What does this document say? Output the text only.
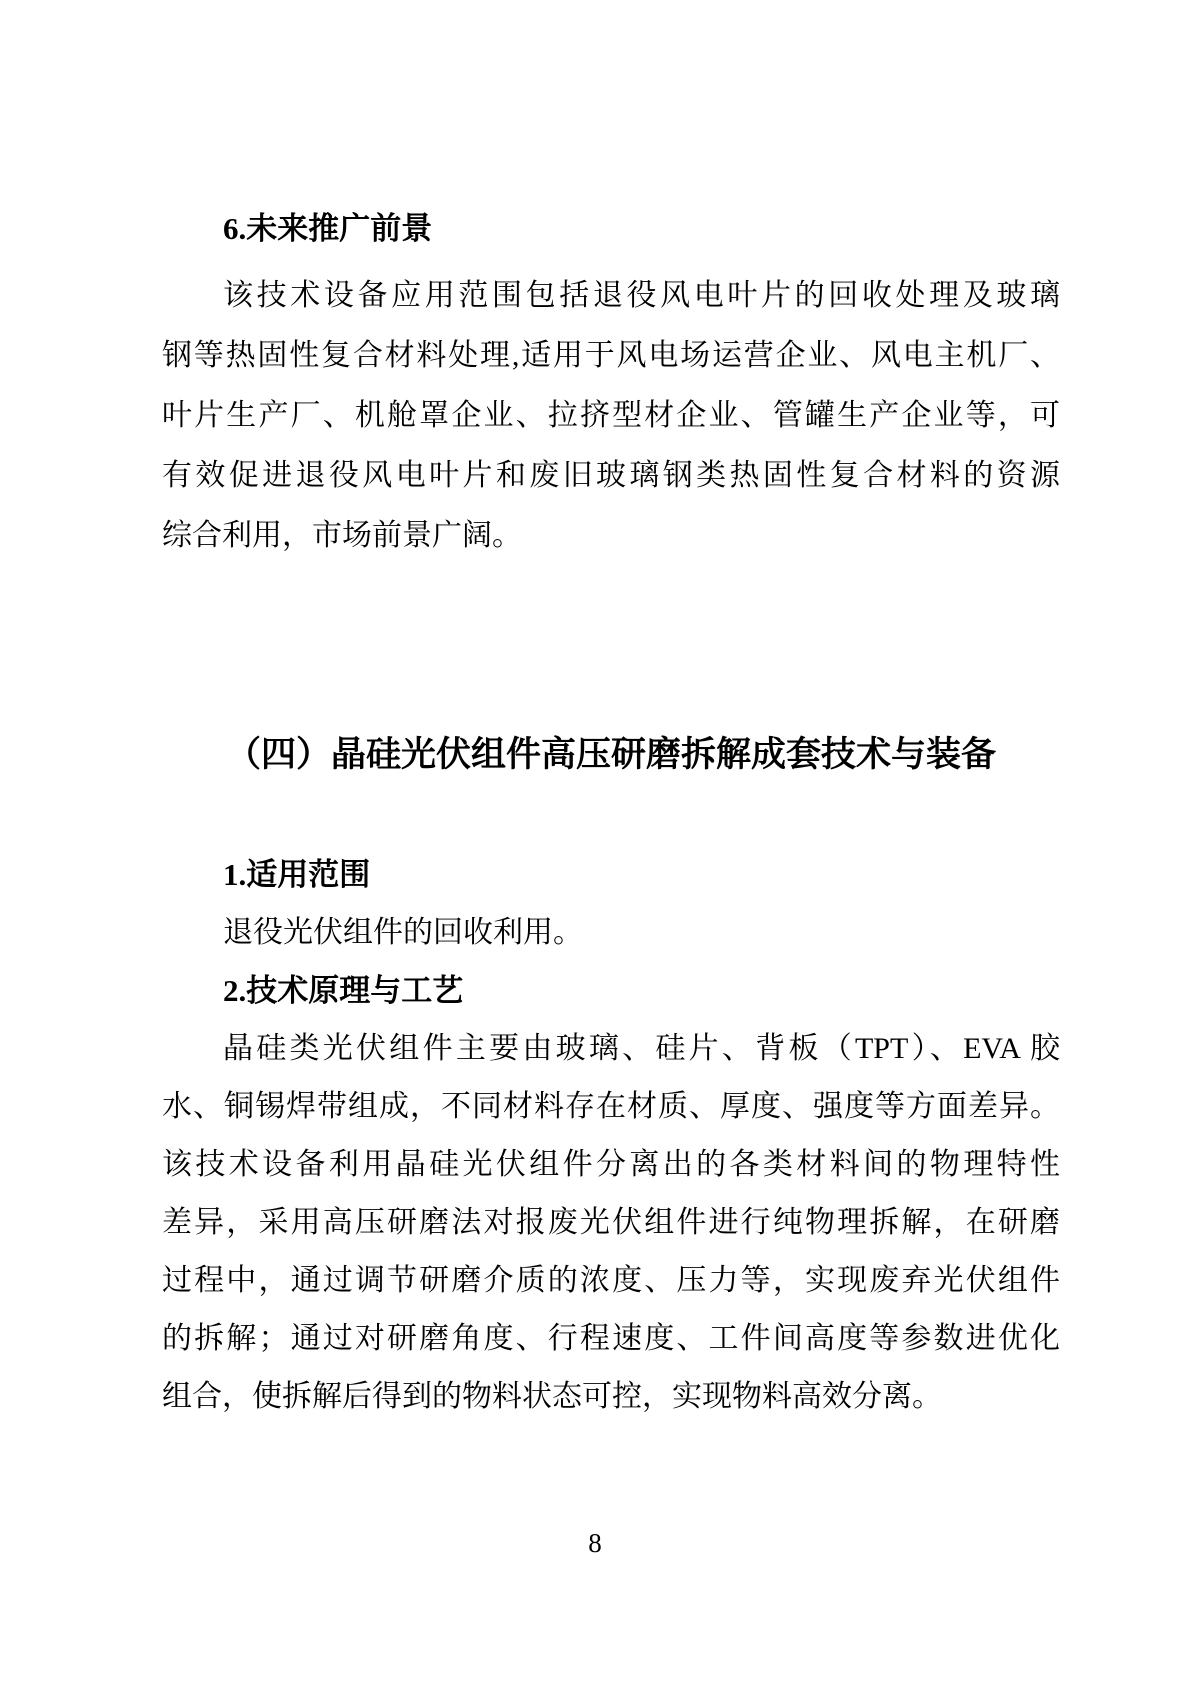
6.未来推广前景
该技术设备应用范围包括退役风电叶片的回收处理及玻璃
钢等热固性复合材料处理,适用于风电场运营企业、风电主机厂、
叶片生产厂、机舱罩企业、拉挤型材企业、管罐生产企业等，可
有效促进退役风电叶片和废旧玻璃钢类热固性复合材料的资源
综合利用，市场前景广阔。
（四）晶硅光伏组件高压研磨拆解成套技术与装备
1.适用范围
退役光伏组件的回收利用。
2.技术原理与工艺
晶硅类光伏组件主要由玻璃、硅片、背板（TPT）、EVA 胶
水、铜锡焊带组成，不同材料存在材质、厚度、强度等方面差异。
该技术设备利用晶硅光伏组件分离出的各类材料间的物理特性
差异，采用高压研磨法对报废光伏组件进行纯物理拆解，在研磨
过程中，通过调节研磨介质的浓度、压力等，实现废弃光伏组件
的拆解；通过对研磨角度、行程速度、工件间高度等参数进优化
组合，使拆解后得到的物料状态可控，实现物料高效分离。
8
